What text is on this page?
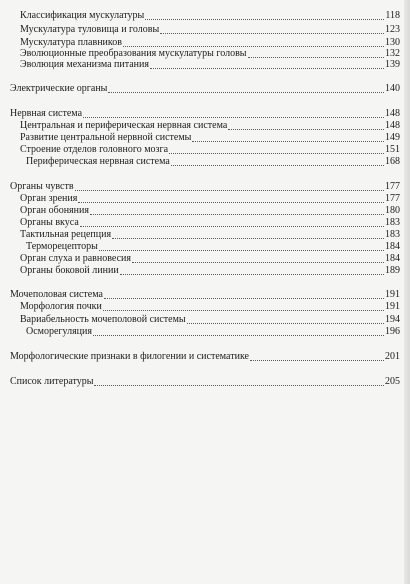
Классификация мускулатуры	118
Мускулатура туловища и головы	123
Мускулатура плавников	130
Эволюционные преобразования мускулатуры головы	132
Эволюция механизма питания	139
Электрические органы	140
Нервная система	148
Центральная и периферическая нервная система	148
Развитие центральной нервной системы	149
Строение отделов головного мозга	151
Периферическая нервная система	168
Органы чувств	177
Орган зрения	177
Орган обоняния	180
Органы вкуса	183
Тактильная рецепция	183
Терморецепторы	184
Орган слуха и равновесия	184
Органы боковой линии	189
Мочеполовая система	191
Морфология почки	191
Вариабельность мочеполовой системы	194
Осморегуляция	196
Морфологические признаки в филогении и систематике	201
Список литературы	205
